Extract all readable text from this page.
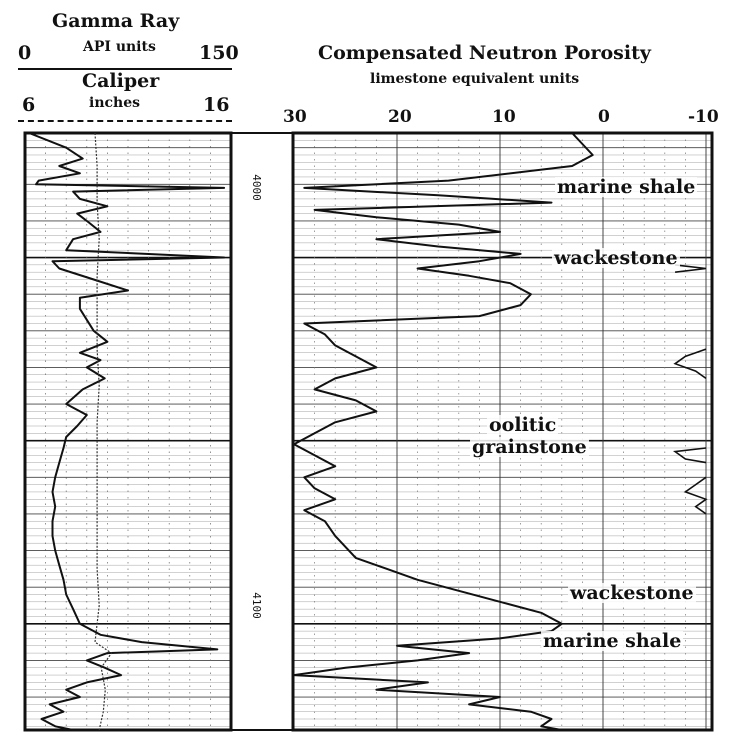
Gamma Ray
API units
0	150
Caliper
6	inches	16
Compensated Neutron Porosity
limestone equivalent units
30	20	10	0	-10
4000
4100
marine shale
wackestone
oolitic
grainstone
wackestone
marine shale
